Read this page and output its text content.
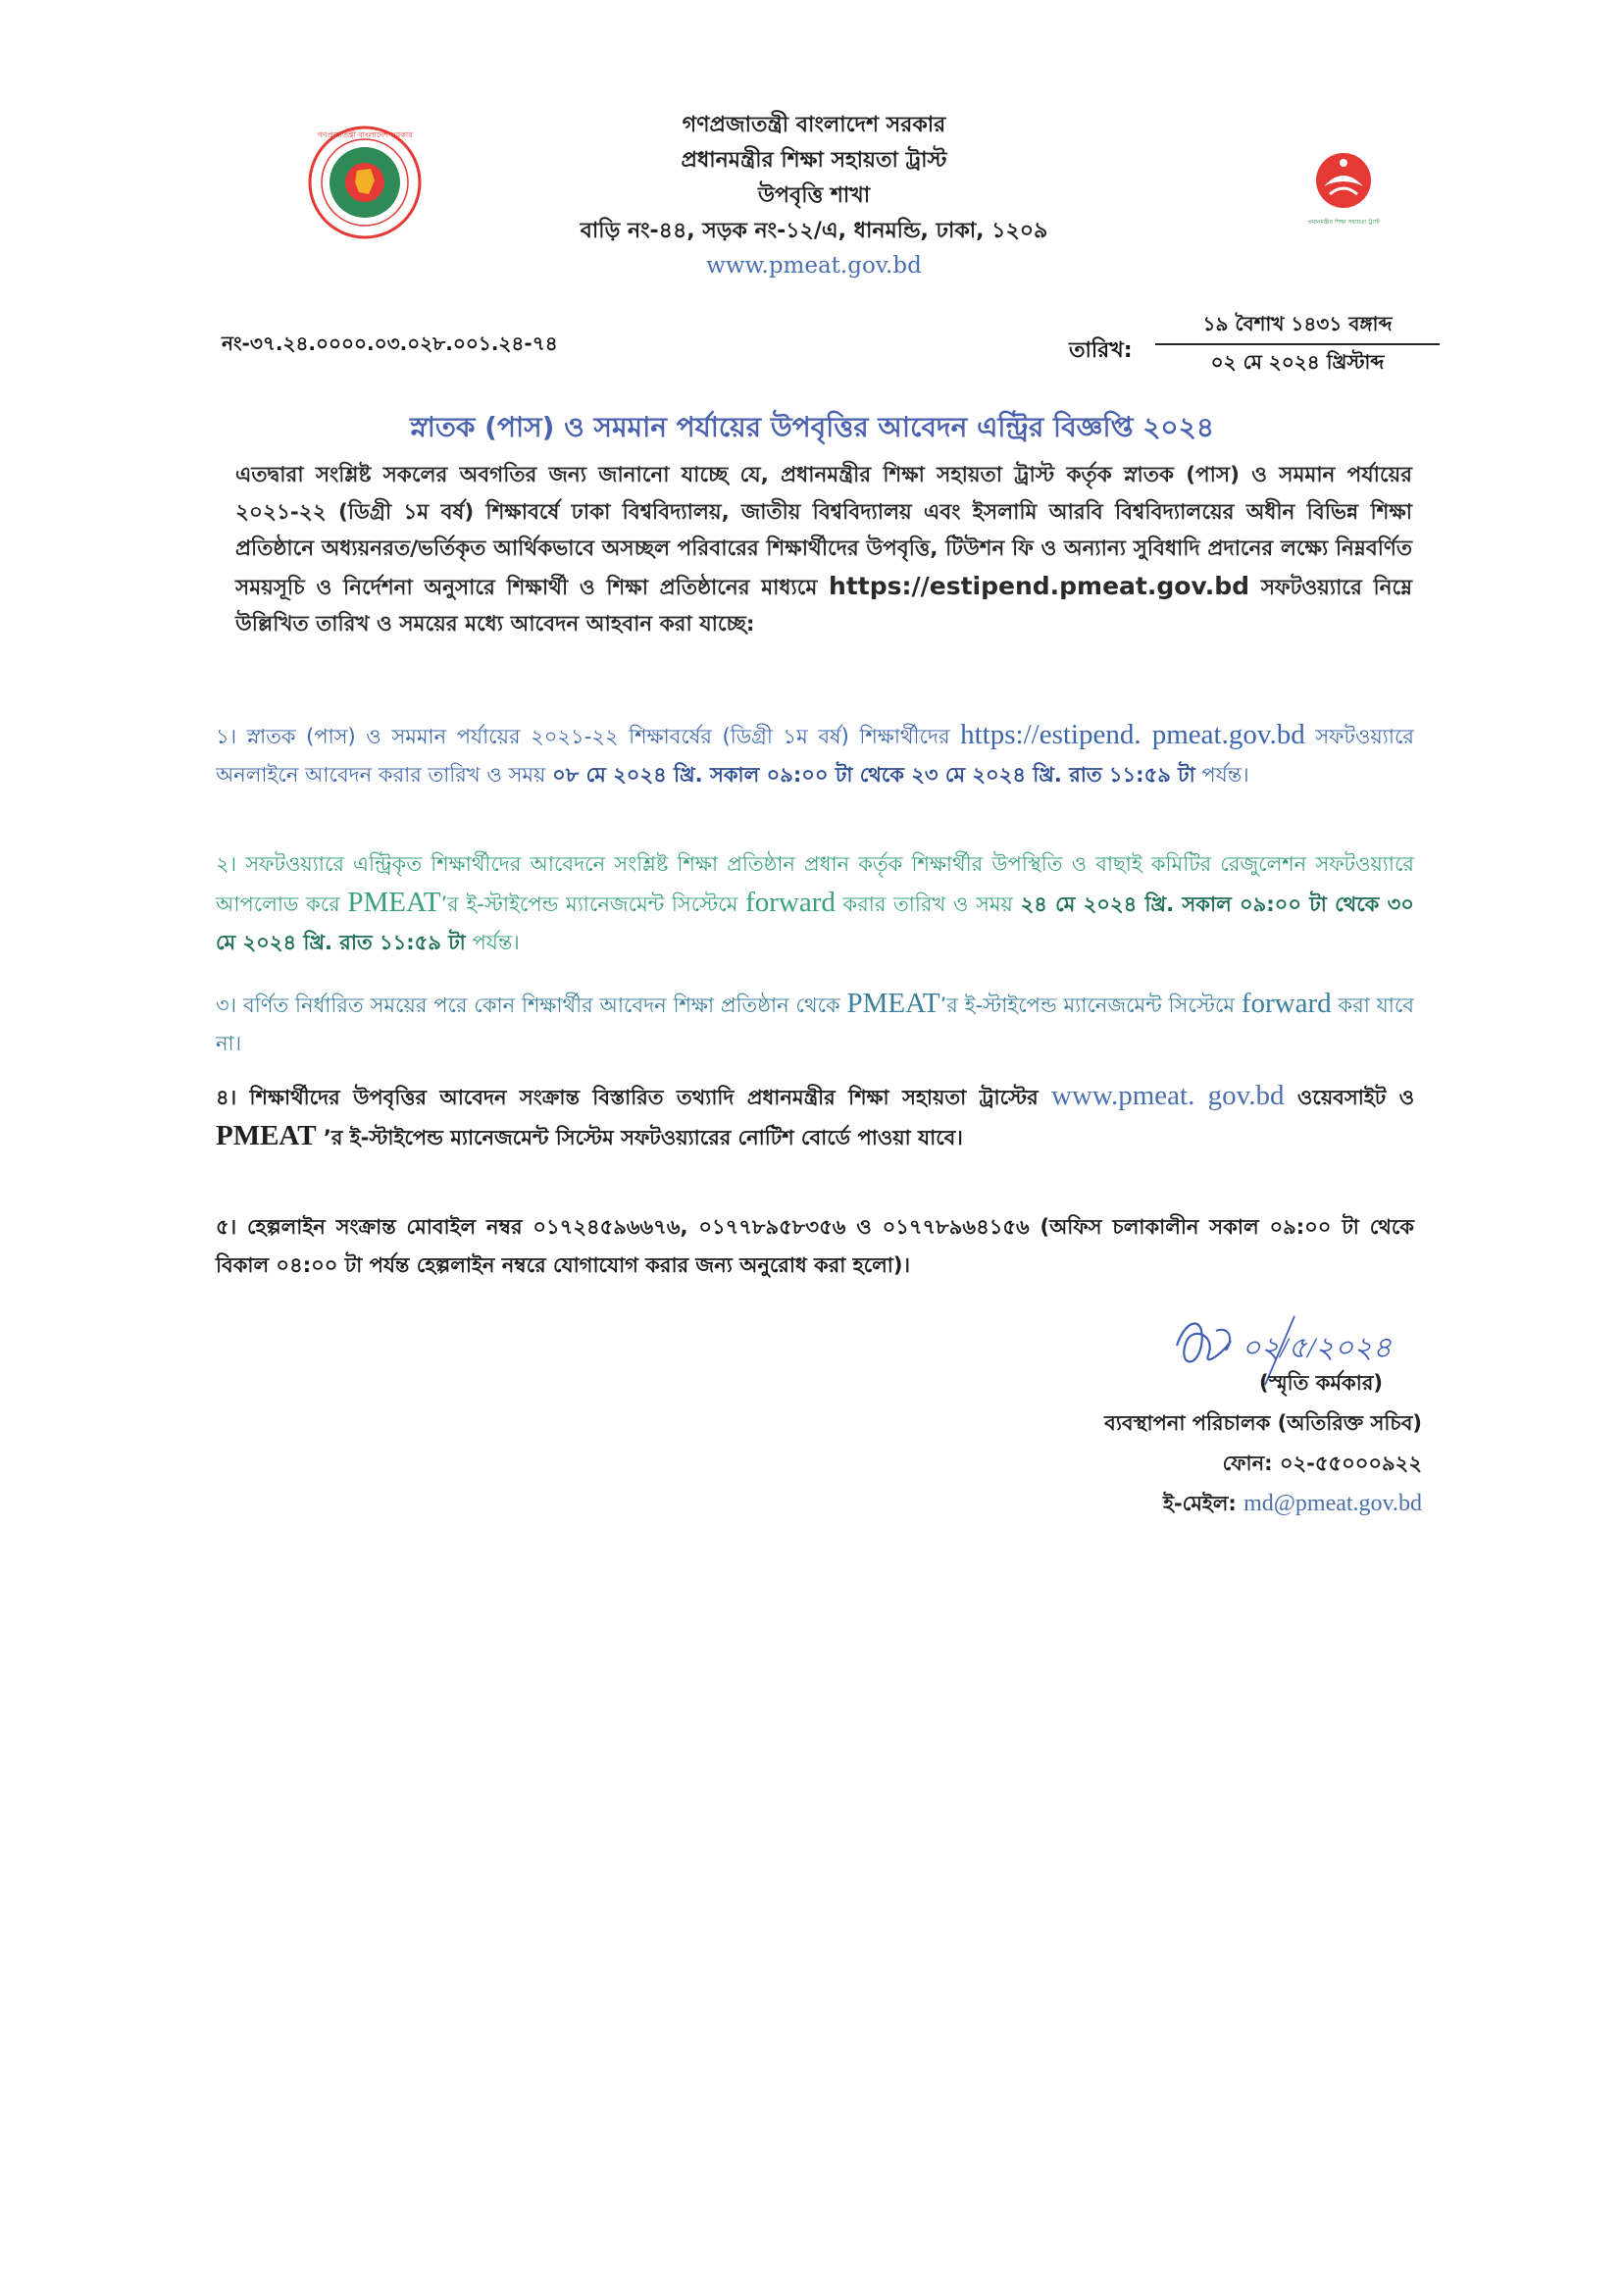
গণপ্রজাতন্ত্রী বাংলাদেশ সরকার
প্রধানমন্ত্রীর শিক্ষা সহায়তা ট্রাস্ট
গণপ্রজাতন্ত্রী বাংলাদেশ সরকার
প্রধানমন্ত্রীর শিক্ষা সহায়তা ট্রাস্ট
উপবৃত্তি শাখা
বাড়ি নং-৪৪, সড়ক নং-১২/এ, ধানমন্ডি, ঢাকা, ১২০৯
www.pmeat.gov.bd
নং-৩৭.২৪.০০০০.০৩.০২৮.০০১.২৪-৭৪	তারিখ:
১৯ বৈশাখ ১৪৩১ বঙ্গাব্দ
০২ মে ২০২৪ খ্রিস্টাব্দ
স্নাতক (পাস) ও সমমান পর্যায়ের উপবৃত্তির আবেদন এন্ট্রির বিজ্ঞপ্তি ২০২৪
এতদ্বারা সংশ্লিষ্ট সকলের অবগতির জন্য জানানো যাচ্ছে যে, প্রধানমন্ত্রীর শিক্ষা সহায়তা ট্রাস্ট কর্তৃক স্নাতক (পাস) ও সমমান পর্যায়ের ২০২১-২২ (ডিগ্রী ১ম বর্ষ) শিক্ষাবর্ষে ঢাকা বিশ্ববিদ্যালয়, জাতীয় বিশ্ববিদ্যালয় এবং ইসলামি আরবি বিশ্ববিদ্যালয়ের অধীন বিভিন্ন শিক্ষা প্রতিষ্ঠানে অধ্যয়নরত/ভর্তিকৃত আর্থিকভাবে অসচ্ছল পরিবারের শিক্ষার্থীদের উপবৃত্তি, টিউশন ফি ও অন্যান্য সুবিধাদি প্রদানের লক্ষ্যে নিম্নবর্ণিত সময়সূচি ও নির্দেশনা অনুসারে শিক্ষার্থী ও শিক্ষা প্রতিষ্ঠানের মাধ্যমে https://estipend.pmeat.gov.bd সফটওয়্যারে নিম্নে উল্লিখিত তারিখ ও সময়ের মধ্যে আবেদন আহবান করা যাচ্ছে:
১। স্নাতক (পাস) ও সমমান পর্যায়ের ২০২১-২২ শিক্ষাবর্ষের (ডিগ্রী ১ম বর্ষ) শিক্ষার্থীদের https://estipend. pmeat.gov.bd সফটওয়্যারে অনলাইনে আবেদন করার তারিখ ও সময় ০৮ মে ২০২৪ খ্রি. সকাল ০৯:০০ টা থেকে ২৩ মে ২০২৪ খ্রি. রাত ১১:৫৯ টা পর্যন্ত।
২। সফটওয়্যারে এন্ট্রিকৃত শিক্ষার্থীদের আবেদনে সংশ্লিষ্ট শিক্ষা প্রতিষ্ঠান প্রধান কর্তৃক শিক্ষার্থীর উপস্থিতি ও বাছাই কমিটির রেজুলেশন সফটওয়্যারে আপলোড করে PMEAT’র ই-স্টাইপেন্ড ম্যানেজমেন্ট সিস্টেমে forward করার তারিখ ও সময় ২৪ মে ২০২৪ খ্রি. সকাল ০৯:০০ টা থেকে ৩০ মে ২০২৪ খ্রি. রাত ১১:৫৯ টা পর্যন্ত।
৩। বর্ণিত নির্ধারিত সময়ের পরে কোন শিক্ষার্থীর আবেদন শিক্ষা প্রতিষ্ঠান থেকে PMEAT’র ই-স্টাইপেন্ড ম্যানেজমেন্ট সিস্টেমে forward করা যাবে না।
৪। শিক্ষার্থীদের উপবৃত্তির আবেদন সংক্রান্ত বিস্তারিত তথ্যাদি প্রধানমন্ত্রীর শিক্ষা সহায়তা ট্রাস্টের www.pmeat. gov.bd ওয়েবসাইট ও PMEAT ’র ই-স্টাইপেন্ড ম্যানেজমেন্ট সিস্টেম সফটওয়্যারের নোটিশ বোর্ডে পাওয়া যাবে।
৫। হেল্পলাইন সংক্রান্ত মোবাইল নম্বর ০১৭২৪৫৯৬৬৭৬, ০১৭৭৮৯৫৮৩৫৬ ও ০১৭৭৮৯৬৪১৫৬ (অফিস চলাকালীন সকাল ০৯:০০ টা থেকে বিকাল ০৪:০০ টা পর্যন্ত হেল্পলাইন নম্বরে যোগাযোগ করার জন্য অনুরোধ করা হলো)।
০২/৫/২০২৪
(স্মৃতি কর্মকার)
ব্যবস্থাপনা পরিচালক (অতিরিক্ত সচিব)
ফোন: ০২-৫৫০০০৯২২
ই-মেইল: md@pmeat.gov.bd
